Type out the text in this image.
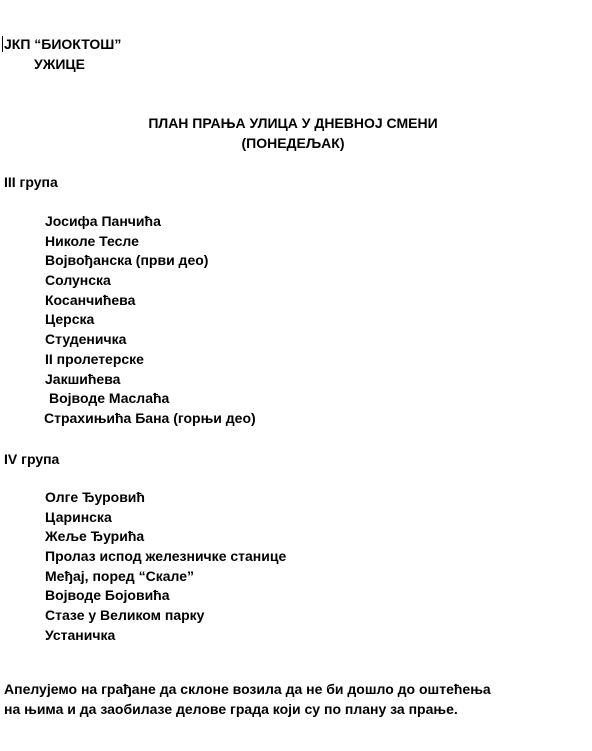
ЈКП “БИОКТОШ”
УЖИЦЕ
ПЛАН ПРАЊА УЛИЦА У ДНЕВНОЈ СМЕНИ
(ПОНЕДЕЉАК)
III група
Јосифа Панчића
Николе Тесле
Војвођанска (први део)
Солунска
Косанчићева
Церска
Студеничка
II пролетерске
Јакшићева
Војводе Маслаћа
Страхињића Бана (горњи део)
IV група
Олге Ђуровић
Царинска
Жеље Ђурића
Пролаз испод железничке станице
Међај, поред “Скале”
Војводе Бојовића
Стазе у Великом парку
Устаничка
Апелујемо на грађане да склоне возила да не би дошло до оштећења
на њима и да заобилазе делове града који су по плану за прање.
